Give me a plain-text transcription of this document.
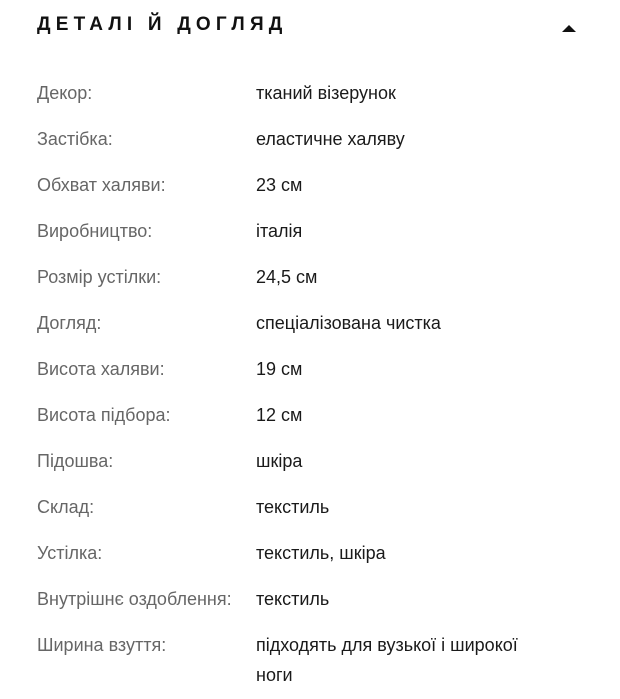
ДЕТАЛІ Й ДОГЛЯД
Декор:	тканий візерунок
Застібка:	еластичне халяву
Обхват халяви:	23 см
Виробництво:	італія
Розмір устілки:	24,5 см
Догляд:	спеціалізована чистка
Висота халяви:	19 см
Висота підбора:	12 см
Підошва:	шкіра
Склад:	текстиль
Устілка:	текстиль, шкіра
Внутрішнє оздоблення:	текстиль
Ширина взуття:	підходять для вузької і широкої ноги
